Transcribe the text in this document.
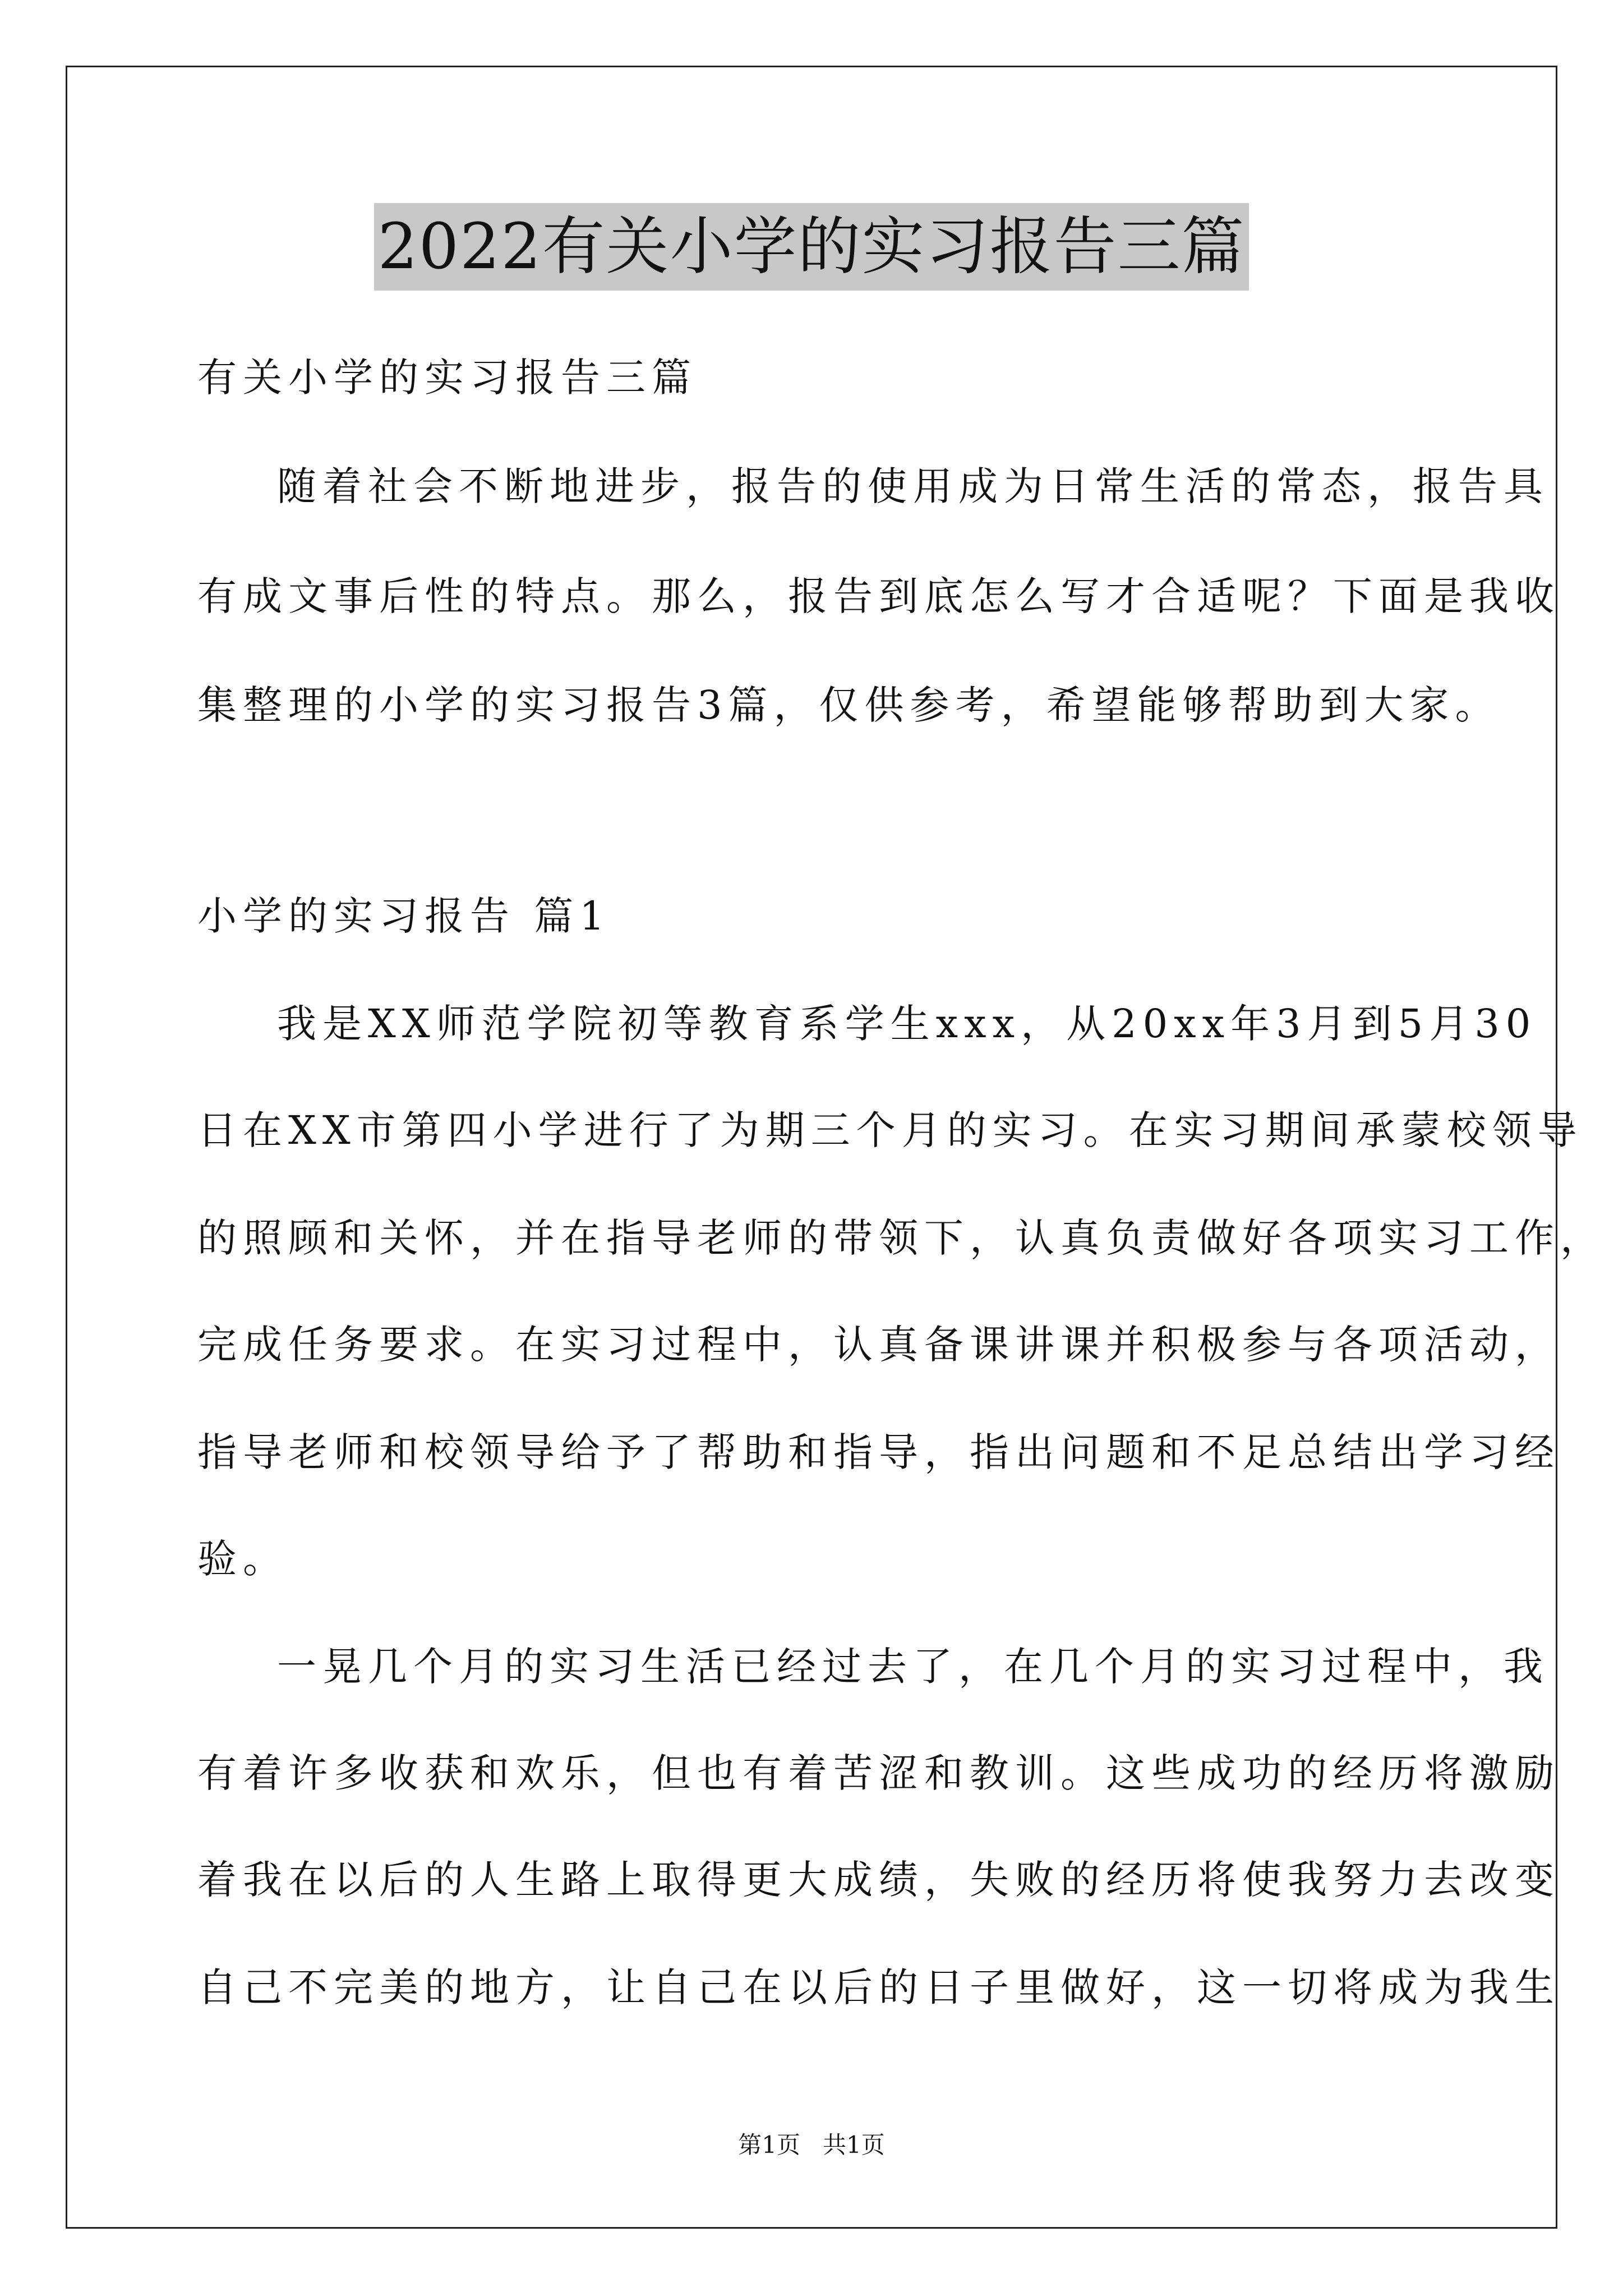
2022有关小学的实习报告三篇
有关小学的实习报告三篇
随着社会不断地进步，报告的使用成为日常生活的常态，报告具
有成文事后性的特点。那么，报告到底怎么写才合适呢？下面是我收
集整理的小学的实习报告3篇，仅供参考，希望能够帮助到大家。
小学的实习报告 篇1
我是XX师范学院初等教育系学生xxx，从20xx年3月到5月30
日在XX市第四小学进行了为期三个月的实习。在实习期间承蒙校领导
的照顾和关怀，并在指导老师的带领下，认真负责做好各项实习工作，
完成任务要求。在实习过程中，认真备课讲课并积极参与各项活动，
指导老师和校领导给予了帮助和指导，指出问题和不足总结出学习经
验。
一晃几个月的实习生活已经过去了，在几个月的实习过程中，我
有着许多收获和欢乐，但也有着苦涩和教训。这些成功的经历将激励
着我在以后的人生路上取得更大成绩，失败的经历将使我努力去改变
自己不完美的地方，让自己在以后的日子里做好，这一切将成为我生
第1页   共1页
